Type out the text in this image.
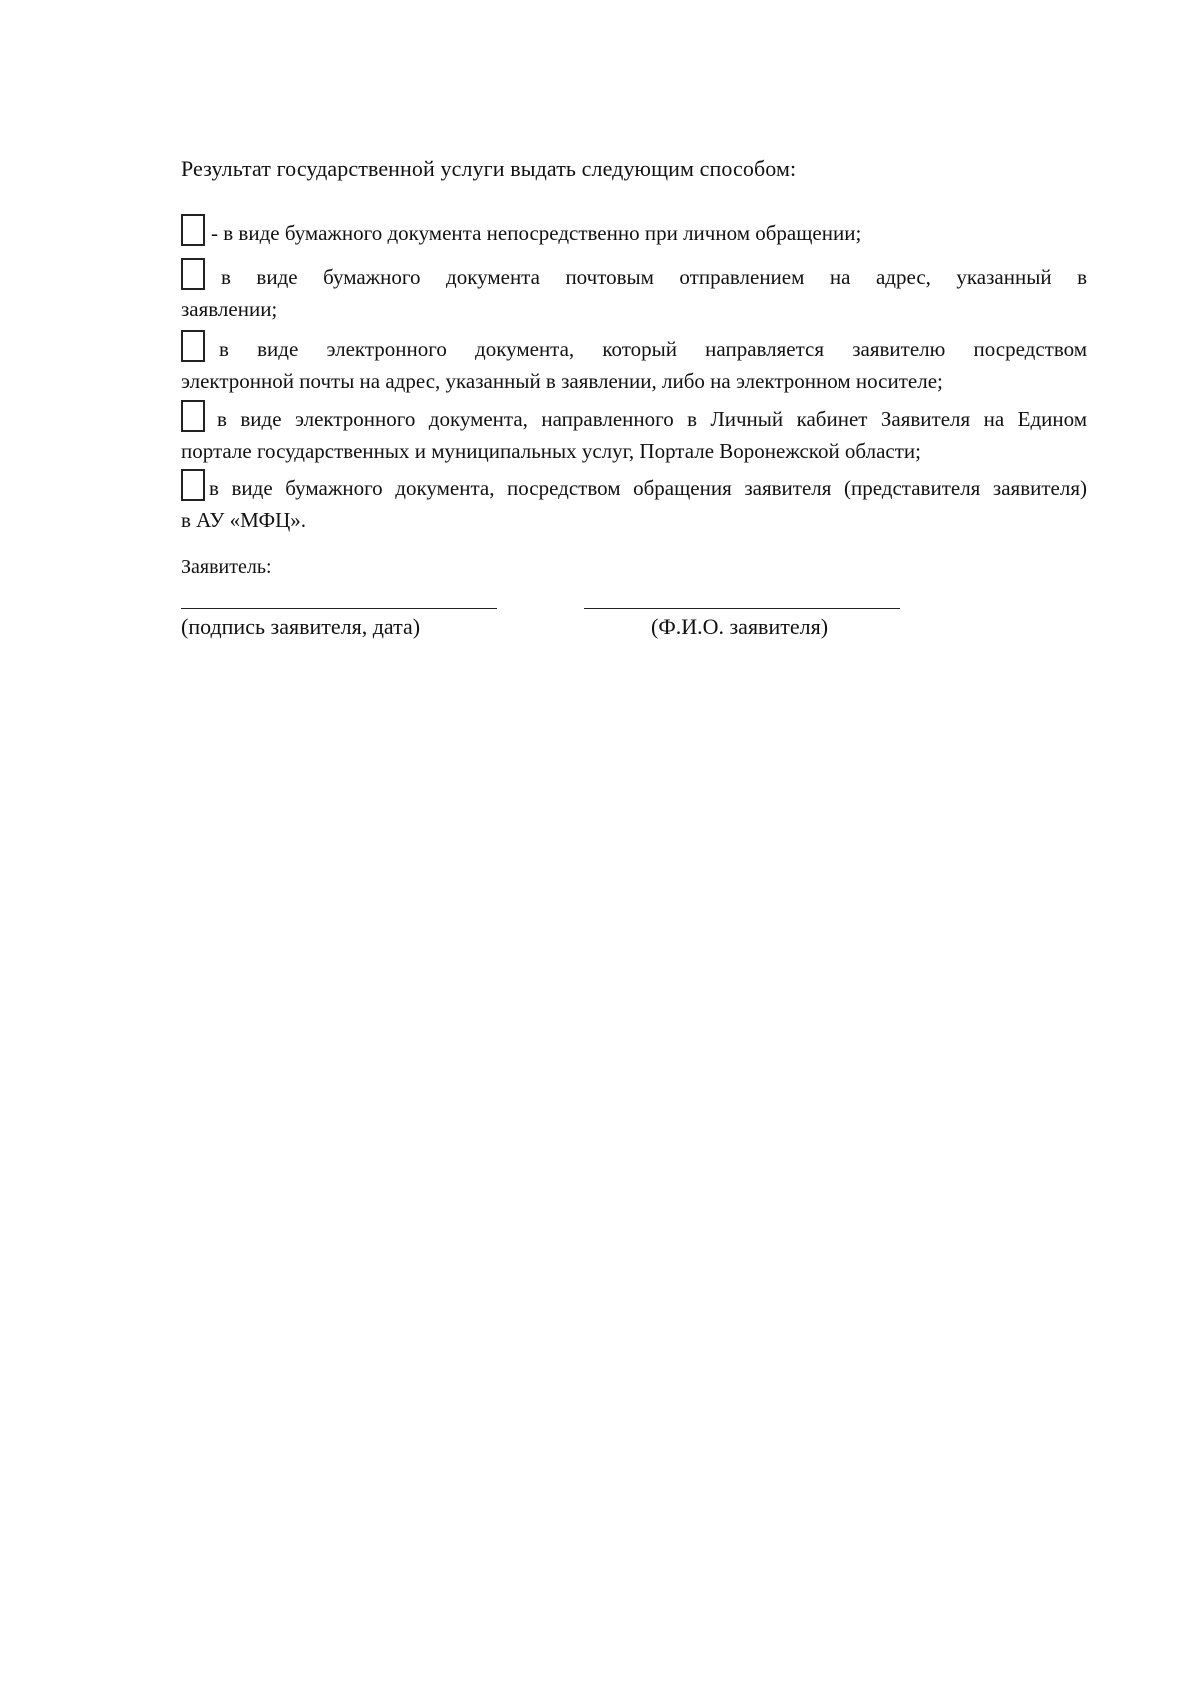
Результат государственной услуги выдать следующим способом:
- в виде бумажного документа непосредственно при личном обращении;
в виде бумажного документа почтовым отправлением на адрес, указанный в
заявлении;
в виде электронного документа, который направляется заявителю посредством
электронной почты на адрес, указанный в заявлении, либо на электронном носителе;
в виде электронного документа, направленного в Личный кабинет Заявителя на Едином
портале государственных и муниципальных услуг, Портале Воронежской области;
в виде бумажного документа, посредством обращения заявителя (представителя заявителя)
в АУ «МФЦ».
Заявитель:
(подпись заявителя, дата)	(Ф.И.О. заявителя)
